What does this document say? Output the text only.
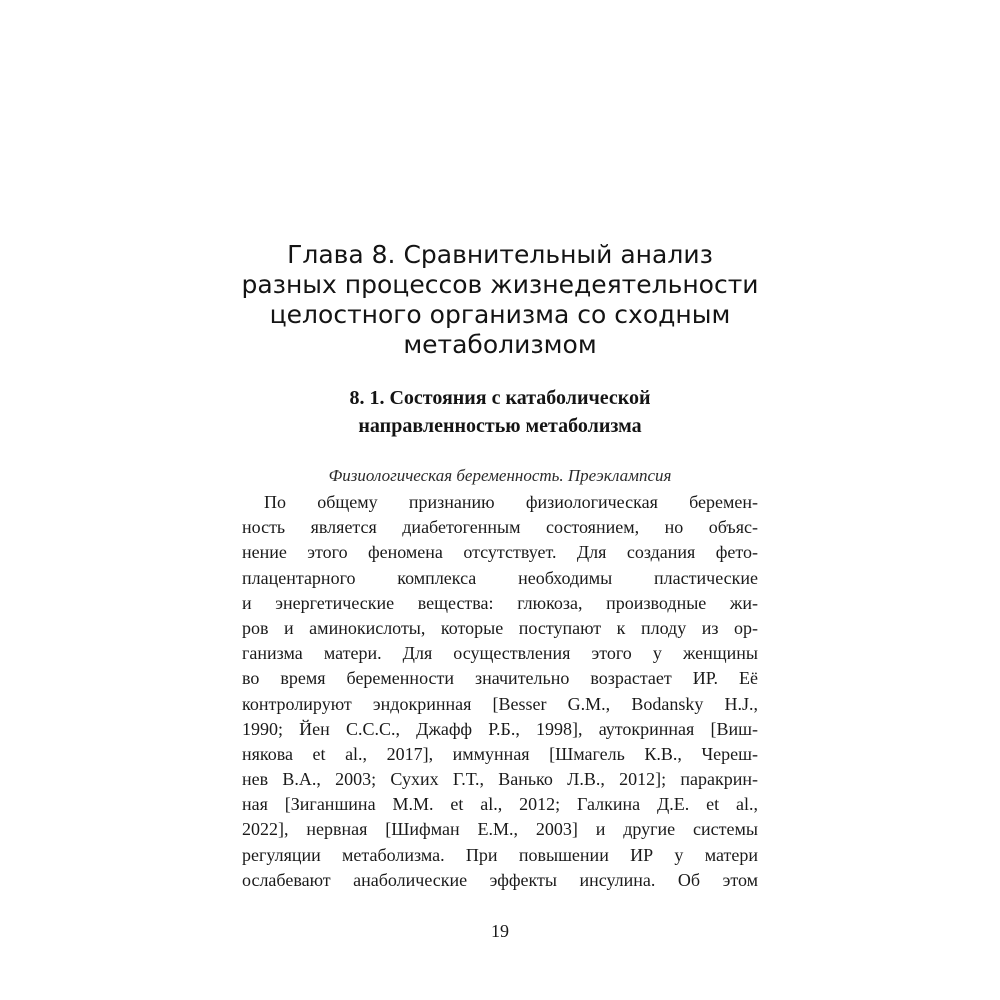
Глава 8. Сравнительный анализ
разных процессов жизнедеятельности
целостного организма со сходным
метаболизмом
8. 1. Состояния с катаболической
направленностью метаболизма
Физиологическая беременность. Преэклампсия
По общему признанию физиологическая беремен-
ность является диабетогенным состоянием, но объяс-
нение этого феномена отсутствует. Для создания фето-
плацентарного комплекса необходимы пластические
и энергетические вещества: глюкоза, производные жи-
ров и аминокислоты, которые поступают к плоду из ор-
ганизма матери. Для осуществления этого у женщины
во время беременности значительно возрастает ИР. Её
контролируют эндокринная [Besser G.M., Bodansky H.J.,
1990; Йен С.С.С., Джафф Р.Б., 1998], аутокринная [Виш-
някова et al., 2017], иммунная [Шмагель К.В., Череш-
нев В.А., 2003; Сухих Г.Т., Ванько Л.В., 2012]; паракрин-
ная [Зиганшина М.М. et al., 2012; Галкина Д.Е. et al.,
2022], нервная [Шифман Е.М., 2003] и другие системы
регуляции метаболизма. При повышении ИР у матери
ослабевают анаболические эффекты инсулина. Об этом
19
